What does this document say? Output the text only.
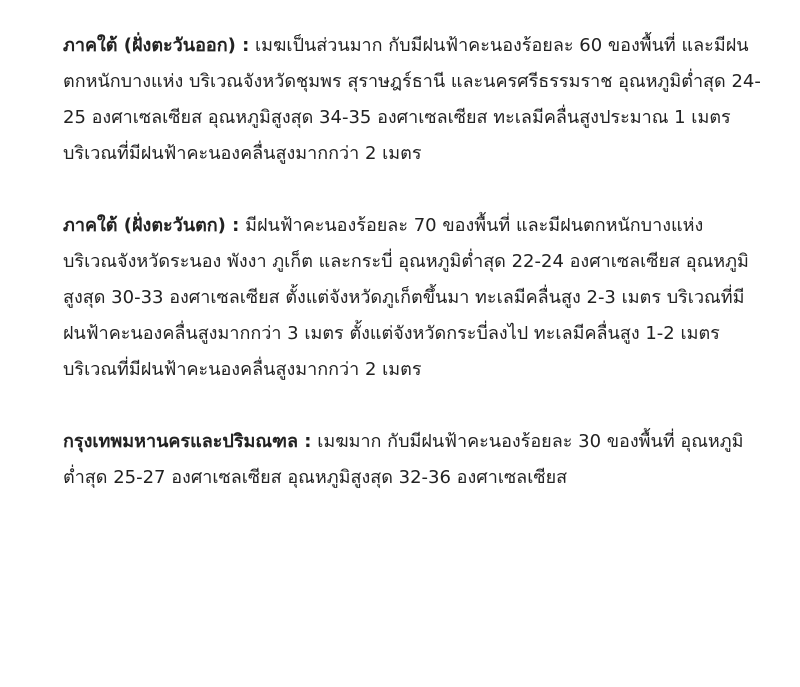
ภาคใต้ (ฝั่งตะวันออก) : เมฆเป็นส่วนมาก กับมีฝนฟ้าคะนองร้อยละ 60 ของพื้นที่ และมีฝนตกหนักบางแห่ง บริเวณจังหวัดชุมพร สุราษฎร์ธานี และนครศรีธรรมราช อุณหภูมิต่ำสุด 24-25 องศาเซลเซียส อุณหภูมิสูงสุด 34-35 องศาเซลเซียส ทะเลมีคลื่นสูงประมาณ 1 เมตร บริเวณที่มีฝนฟ้าคะนองคลื่นสูงมากกว่า 2 เมตร

ภาคใต้ (ฝั่งตะวันตก) : มีฝนฟ้าคะนองร้อยละ 70 ของพื้นที่ และมีฝนตกหนักบางแห่ง บริเวณจังหวัดระนอง พังงา ภูเก็ต และกระบี่ อุณหภูมิต่ำสุด 22-24 องศาเซลเซียส อุณหภูมิสูงสุด 30-33 องศาเซลเซียส ตั้งแต่จังหวัดภูเก็ตขึ้นมา ทะเลมีคลื่นสูง 2-3 เมตร บริเวณที่มีฝนฟ้าคะนองคลื่นสูงมากกว่า 3 เมตร ตั้งแต่จังหวัดกระบี่ลงไป ทะเลมีคลื่นสูง 1-2 เมตร บริเวณที่มีฝนฟ้าคะนองคลื่นสูงมากกว่า 2 เมตร

กรุงเทพมหานครและปริมณฑล : เมฆมาก กับมีฝนฟ้าคะนองร้อยละ 30 ของพื้นที่ อุณหภูมิต่ำสุด 25-27 องศาเซลเซียส อุณหภูมิสูงสุด 32-36 องศาเซลเซียส
